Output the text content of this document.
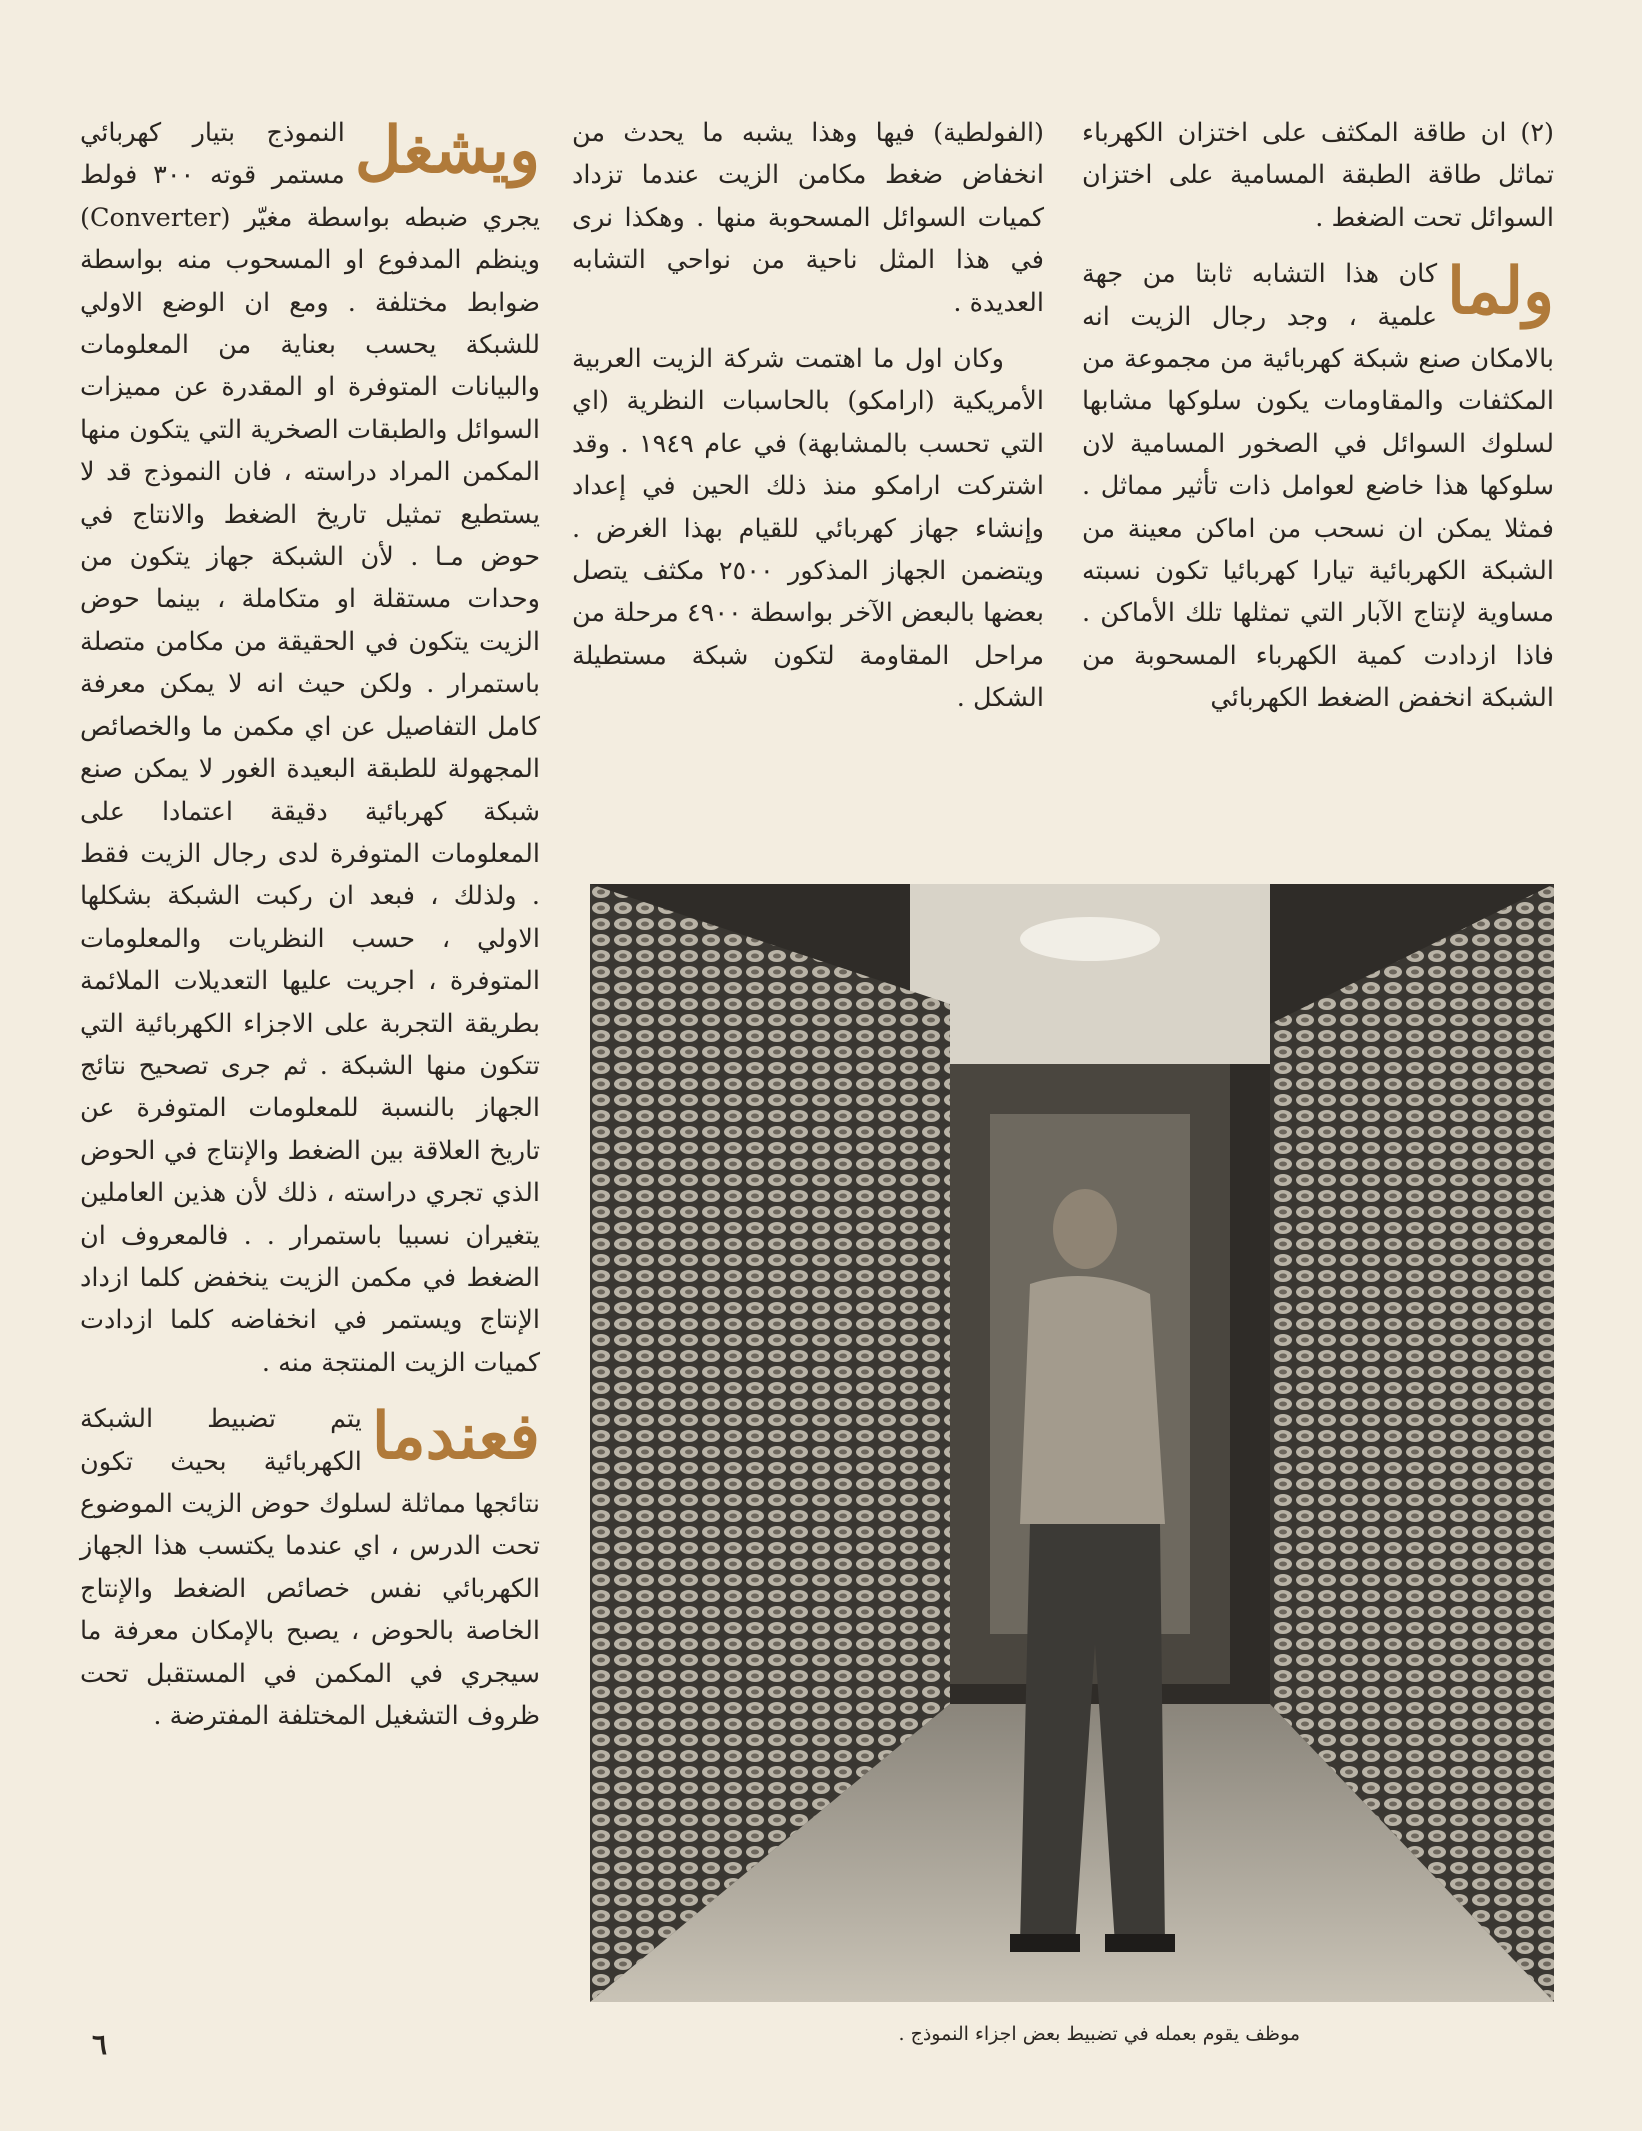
(٢) ان طاقة المكثف على اختزان الكهرباء تماثل طاقة الطبقة المسامية على اختزان السوائل تحت الضغط .

ولما
كان هذا التشابه ثابتا من جهة علمية ، وجد رجال الزيت انه بالامكان صنع شبكة كهربائية من مجموعة من المكثفات والمقاومات يكون سلوكها مشابها لسلوك السوائل في الصخور المسامية لان سلوكها هذا خاضع لعوامل ذات تأثير مماثل . فمثلا يمكن ان نسحب من اماكن معينة من الشبكة الكهربائية تيارا كهربائيا تكون نسبته مساوية لإنتاج الآبار التي تمثلها تلك الأماكن . فاذا ازدادت كمية الكهرباء المسحوبة من الشبكة انخفض الضغط الكهربائي

(الفولطية) فيها وهذا يشبه ما يحدث من انخفاض ضغط مكامن الزيت عندما تزداد كميات السوائل المسحوبة منها . وهكذا نرى في هذا المثل ناحية من نواحي التشابه العديدة .

وكان اول ما اهتمت شركة الزيت العربية الأمريكية (ارامكو) بالحاسبات النظرية (اي التي تحسب بالمشابهة) في عام ١٩٤٩ . وقد اشتركت ارامكو منذ ذلك الحين في إعداد وإنشاء جهاز كهربائي للقيام بهذا الغرض . ويتضمن الجهاز المذكور ٢٥٠٠ مكثف يتصل بعضها بالبعض الآخر بواسطة ٤٩٠٠ مرحلة من مراحل المقاومة لتكون شبكة مستطيلة الشكل .

ويشغل
النموذج بتيار كهربائي مستمر قوته ٣٠٠ فولط يجري ضبطه بواسطة مغيّر (Converter) وينظم المدفوع او المسحوب منه بواسطة ضوابط مختلفة . ومع ان الوضع الاولي للشبكة يحسب بعناية من المعلومات والبيانات المتوفرة او المقدرة عن مميزات السوائل والطبقات الصخرية التي يتكون منها المكمن المراد دراسته ، فان النموذج قد لا يستطيع تمثيل تاريخ الضغط والانتاج في حوض مـا . لأن الشبكة جهاز يتكون من وحدات مستقلة او متكاملة ، بينما حوض الزيت يتكون في الحقيقة من مكامن متصلة باستمرار . ولكن حيث انه لا يمكن معرفة كامل التفاصيل عن اي مكمن ما والخصائص المجهولة للطبقة البعيدة الغور لا يمكن صنع شبكة كهربائية دقيقة اعتمادا على المعلومات المتوفرة لدى رجال الزيت فقط . ولذلك ، فبعد ان ركبت الشبكة بشكلها الاولي ، حسب النظريات والمعلومات المتوفرة ، اجريت عليها التعديلات الملائمة بطريقة التجربة على الاجزاء الكهربائية التي تتكون منها الشبكة . ثم جرى تصحيح نتائج الجهاز بالنسبة للمعلومات المتوفرة عن تاريخ العلاقة بين الضغط والإنتاج في الحوض الذي تجري دراسته ، ذلك لأن هذين العاملين يتغيران نسبيا باستمرار . . فالمعروف ان الضغط في مكمن الزيت ينخفض كلما ازداد الإنتاج ويستمر في انخفاضه كلما ازدادت كميات الزيت المنتجة منه .

فعندما
يتم تضبيط الشبكة الكهربائية بحيث تكون نتائجها مماثلة لسلوك حوض الزيت الموضوع تحت الدرس ، اي عندما يكتسب هذا الجهاز الكهربائي نفس خصائص الضغط والإنتاج الخاصة بالحوض ، يصبح بالإمكان معرفة ما سيجري في المكمن في المستقبل تحت ظروف التشغيل المختلفة المفترضة .

موظف يقوم بعمله في تضبيط بعض اجزاء النموذج .
٦
